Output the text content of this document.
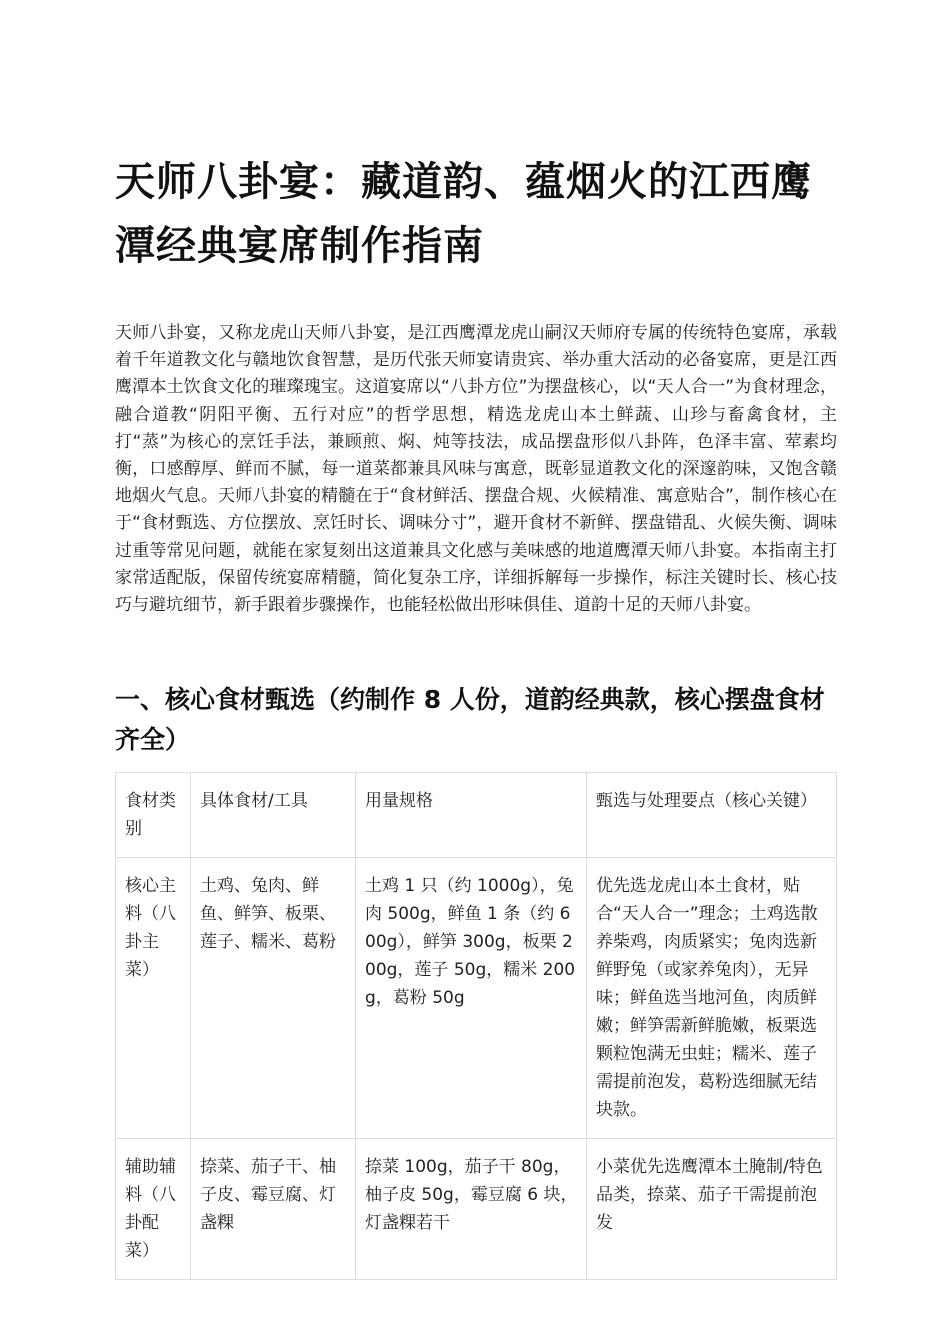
天师八卦宴：藏道韵、蕴烟火的江西鹰潭经典宴席制作指南

天师八卦宴，又称龙虎山天师八卦宴，是江西鹰潭龙虎山嗣汉天师府专属的传统特色宴席，承载着千年道教文化与赣地饮食智慧，是历代张天师宴请贵宾、举办重大活动的必备宴席，更是江西鹰潭本土饮食文化的璀璨瑰宝。这道宴席以“八卦方位”为摆盘核心，以“天人合一”为食材理念，融合道教“阴阳平衡、五行对应”的哲学思想，精选龙虎山本土鲜蔬、山珍与畜禽食材，主打“蒸”为核心的烹饪手法，兼顾煎、焖、炖等技法，成品摆盘形似八卦阵，色泽丰富、荤素均衡，口感醇厚、鲜而不腻，每一道菜都兼具风味与寓意，既彰显道教文化的深邃韵味，又饱含赣地烟火气息。天师八卦宴的精髓在于“食材鲜活、摆盘合规、火候精准、寓意贴合”，制作核心在于“食材甄选、方位摆放、烹饪时长、调味分寸”，避开食材不新鲜、摆盘错乱、火候失衡、调味过重等常见问题，就能在家复刻出这道兼具文化感与美味感的地道鹰潭天师八卦宴。本指南主打家常适配版，保留传统宴席精髓，简化复杂工序，详细拆解每一步操作，标注关键时长、核心技巧与避坑细节，新手跟着步骤操作，也能轻松做出形味俱佳、道韵十足的天师八卦宴。

一、核心食材甄选（约制作 8 人份，道韵经典款，核心摆盘食材齐全）
食材类别	具体食材/工具	用量规格	甄选与处理要点（核心关键）
核心主料（八卦主菜）	土鸡、兔肉、鲜鱼、鲜笋、板栗、莲子、糯米、葛粉	土鸡 1 只（约 1000g），兔肉 500g，鲜鱼 1 条（约 600g），鲜笋 300g，板栗 200g，莲子 50g，糯米 200g，葛粉 50g	优先选龙虎山本土食材，贴合“天人合一”理念；土鸡选散养柴鸡，肉质紧实；兔肉选新鲜野兔（或家养兔肉），无异味；鲜鱼选当地河鱼，肉质鲜嫩；鲜笋需新鲜脆嫩，板栗选颗粒饱满无虫蛀；糯米、莲子需提前泡发，葛粉选细腻无结块款。
辅助辅料（八卦配菜）	捺菜、茄子干、柚子皮、霉豆腐、灯盏粿	捺菜 100g，茄子干 80g，柚子皮 50g，霉豆腐 6 块，灯盏粿若干	小菜优先选鹰潭本土腌制/特色品类，捺菜、茄子干需提前泡发
